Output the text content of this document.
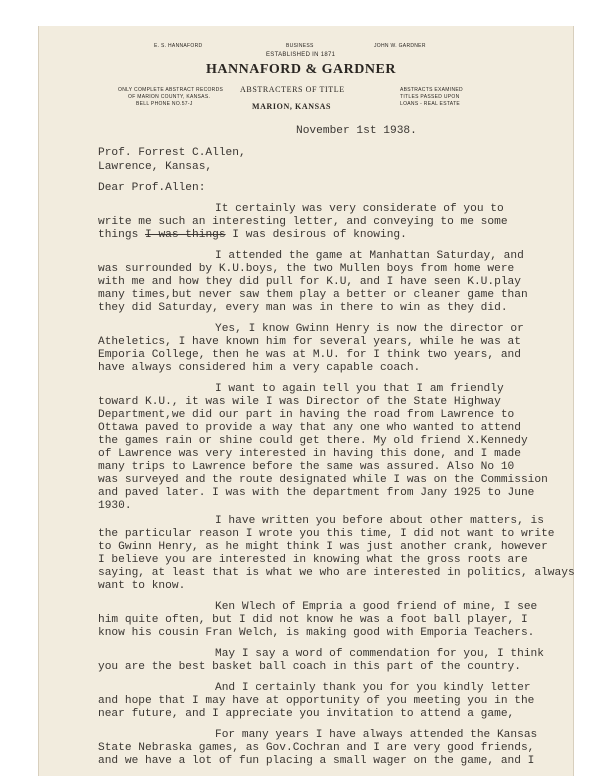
E. S. HANNAFORD	BUSINESS	JOHN W. GARDNER
ESTABLISHED IN 1871
HANNAFORD & GARDNER
ABSTRACTERS OF TITLE
MARION, KANSAS
ONLY COMPLETE ABSTRACT RECORDS
OF MARION COUNTY, KANSAS.
BELL PHONE NO.57-J
ABSTRACTS EXAMINED
TITLES PASSED UPON
LOANS - REAL ESTATE
November 1st 1938.
Prof. Forrest C.Allen,
Lawrence, Kansas,
Dear Prof.Allen:
It certainly was very considerate of you to
write me such an interesting letter, and conveying to me some
things I was things I was desirous of knowing.
I attended the game at Manhattan Saturday, and
was surrounded by K.U.boys, the two Mullen boys from home were
with me and how they did pull for K.U, and I have seen K.U.play
many times,but never saw them play a better or cleaner game than
they did Saturday, every man was in there to win as they did.
Yes, I know Gwinn Henry is now the director or
Atheletics, I have known him for several years, while he was at
Emporia College, then he was at M.U. for I think two years, and
have always considered him a very capable coach.
I want to again tell you that I am friendly
toward K.U., it was wile I was Director of the State Highway
Department,we did our part in having the road from Lawrence to
Ottawa paved to provide a way that any one who wanted to attend
the games rain or shine could get there. My old friend X.Kennedy
of Lawrence was very interested in having this done, and I made
many trips to Lawrence before the same was assured. Also No 10
was surveyed and the route designated while I was on the Commission
and paved later. I was with the department from Jany 1925 to June
1930.
I have written you before about other matters, is
the particular reason I wrote you this time, I did not want to write
to Gwinn Henry, as he might think I was just another crank, however
I believe you are interested in knowing what the gross roots are
saying, at least that is what we who are interested in politics, always
want to know.
Ken Wlech of Empria a good friend of mine, I see
him quite often, but I did not know he was a foot ball player, I
know his cousin Fran Welch, is making good with Emporia Teachers.
May I say a word of commendation for you, I think
you are the best basket ball coach in this part of the country.
And I certainly thank you for you kindly letter
and hope that I may have at opportunity of you meeting you in the
near future, and I appreciate you invitation to attend a game,
For many years I have always attended the Kansas
State Nebraska games, as Gov.Cochran and I are very good friends,
and we have a lot of fun placing a small wager on the game, and I
